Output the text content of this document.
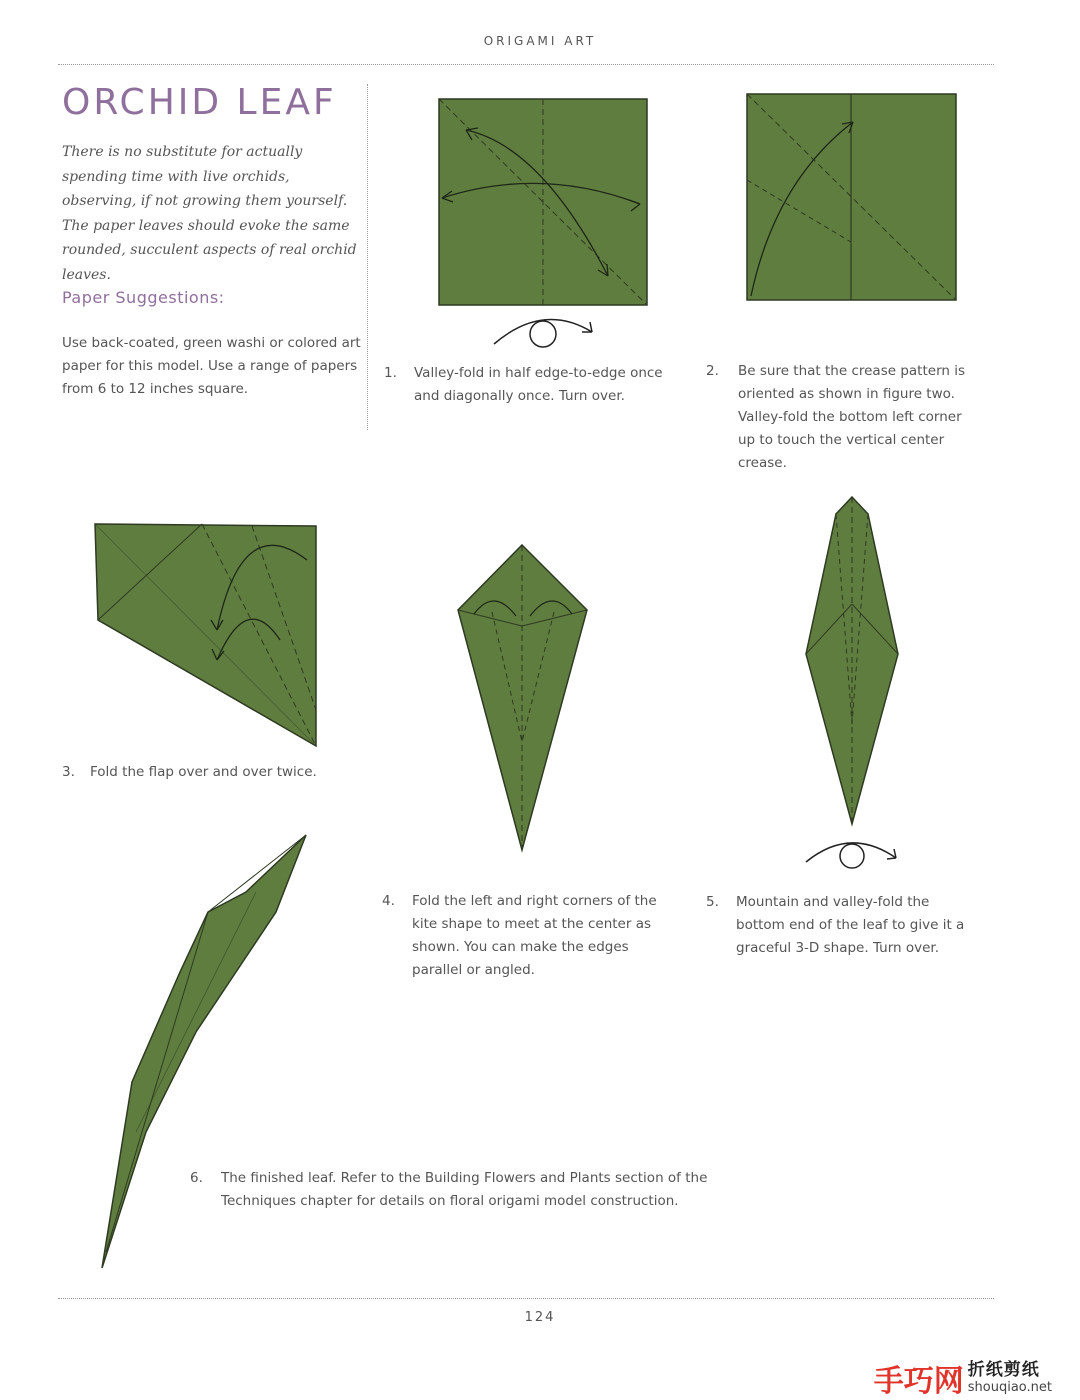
ORIGAMI ART
ORCHID LEAF
There is no substitute for actually spending time with live orchids, observing, if not growing them yourself. The paper leaves should evoke the same rounded, succulent aspects of real orchid leaves.
Paper Suggestions:
Use back-coated, green washi or colored art paper for this model. Use a range of papers from 6 to 12 inches square.
1. Valley-fold in half edge-to-edge once and diagonally once. Turn over.
2. Be sure that the crease pattern is oriented as shown in figure two. Valley-fold the bottom left corner up to touch the vertical center crease.
3. Fold the flap over and over twice.
4. Fold the left and right corners of the kite shape to meet at the center as shown. You can make the edges parallel or angled.
5. Mountain and valley-fold the bottom end of the leaf to give it a graceful 3-D shape. Turn over.
6. The finished leaf. Refer to the Building Flowers and Plants section of the Techniques chapter for details on floral origami model construction.
124
手巧网 折纸剪纸
shouqiao.net
